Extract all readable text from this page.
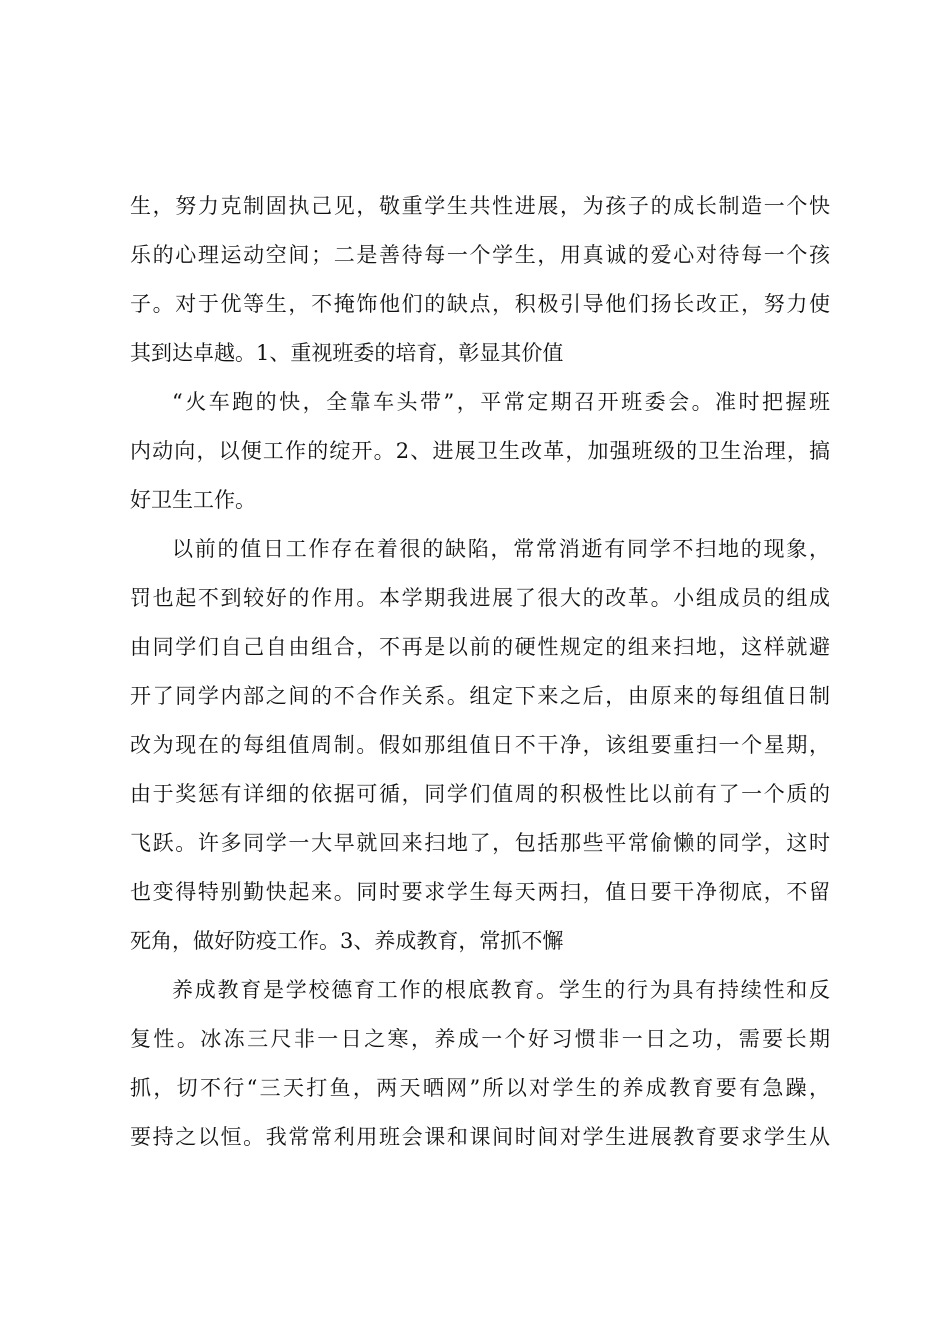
生，努力克制固执己见，敬重学生共性进展，为孩子的成长制造一个快
乐的心理运动空间；二是善待每一个学生，用真诚的爱心对待每一个孩
子。对于优等生，不掩饰他们的缺点，积极引导他们扬长改正，努力使
其到达卓越。1、重视班委的培育，彰显其价值
“火车跑的快，全靠车头带”，平常定期召开班委会。准时把握班
内动向，以便工作的绽开。2、进展卫生改革，加强班级的卫生治理，搞
好卫生工作。
以前的值日工作存在着很的缺陷，常常消逝有同学不扫地的现象，
罚也起不到较好的作用。本学期我进展了很大的改革。小组成员的组成
由同学们自己自由组合，不再是以前的硬性规定的组来扫地，这样就避
开了同学内部之间的不合作关系。组定下来之后，由原来的每组值日制
改为现在的每组值周制。假如那组值日不干净，该组要重扫一个星期，
由于奖惩有详细的依据可循，同学们值周的积极性比以前有了一个质的
飞跃。许多同学一大早就回来扫地了，包括那些平常偷懒的同学，这时
也变得特别勤快起来。同时要求学生每天两扫，值日要干净彻底，不留
死角，做好防疫工作。3、养成教育，常抓不懈
养成教育是学校德育工作的根底教育。学生的行为具有持续性和反
复性。冰冻三尺非一日之寒，养成一个好习惯非一日之功，需要长期
抓，切不行“三天打鱼，两天晒网”所以对学生的养成教育要有急躁，
要持之以恒。我常常利用班会课和课间时间对学生进展教育要求学生从
